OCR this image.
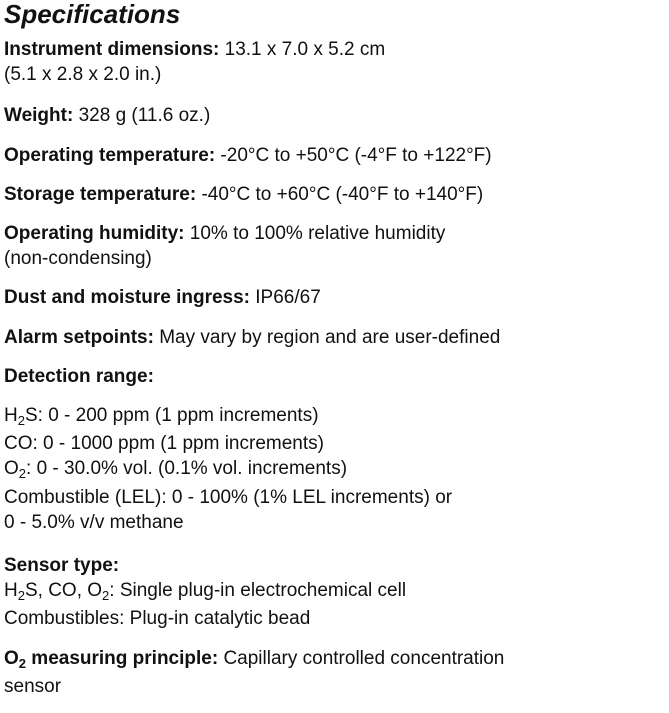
Specifications
Instrument dimensions: 13.1 x 7.0 x 5.2 cm
(5.1 x 2.8 x 2.0 in.)
Weight: 328 g (11.6 oz.)
Operating temperature: -20°C to +50°C (-4°F to +122°F)
Storage temperature: -40°C to +60°C (-40°F to +140°F)
Operating humidity: 10% to 100% relative humidity
(non-condensing)
Dust and moisture ingress: IP66/67
Alarm setpoints: May vary by region and are user-defined
Detection range:
$H_2S$: 0 - 200 ppm (1 ppm increments)
CO: 0 - 1000 ppm (1 ppm increments)
$O_2$: 0 - 30.0% vol. (0.1% vol. increments)
Combustible (LEL): 0 - 100% (1% LEL increments) or
0 - 5.0% v/v methane
Sensor type:
$H_2S$, CO, $O_2$: Single plug-in electrochemical cell
Combustibles: Plug-in catalytic bead
$O_2$ measuring principle: Capillary controlled concentration
sensor
